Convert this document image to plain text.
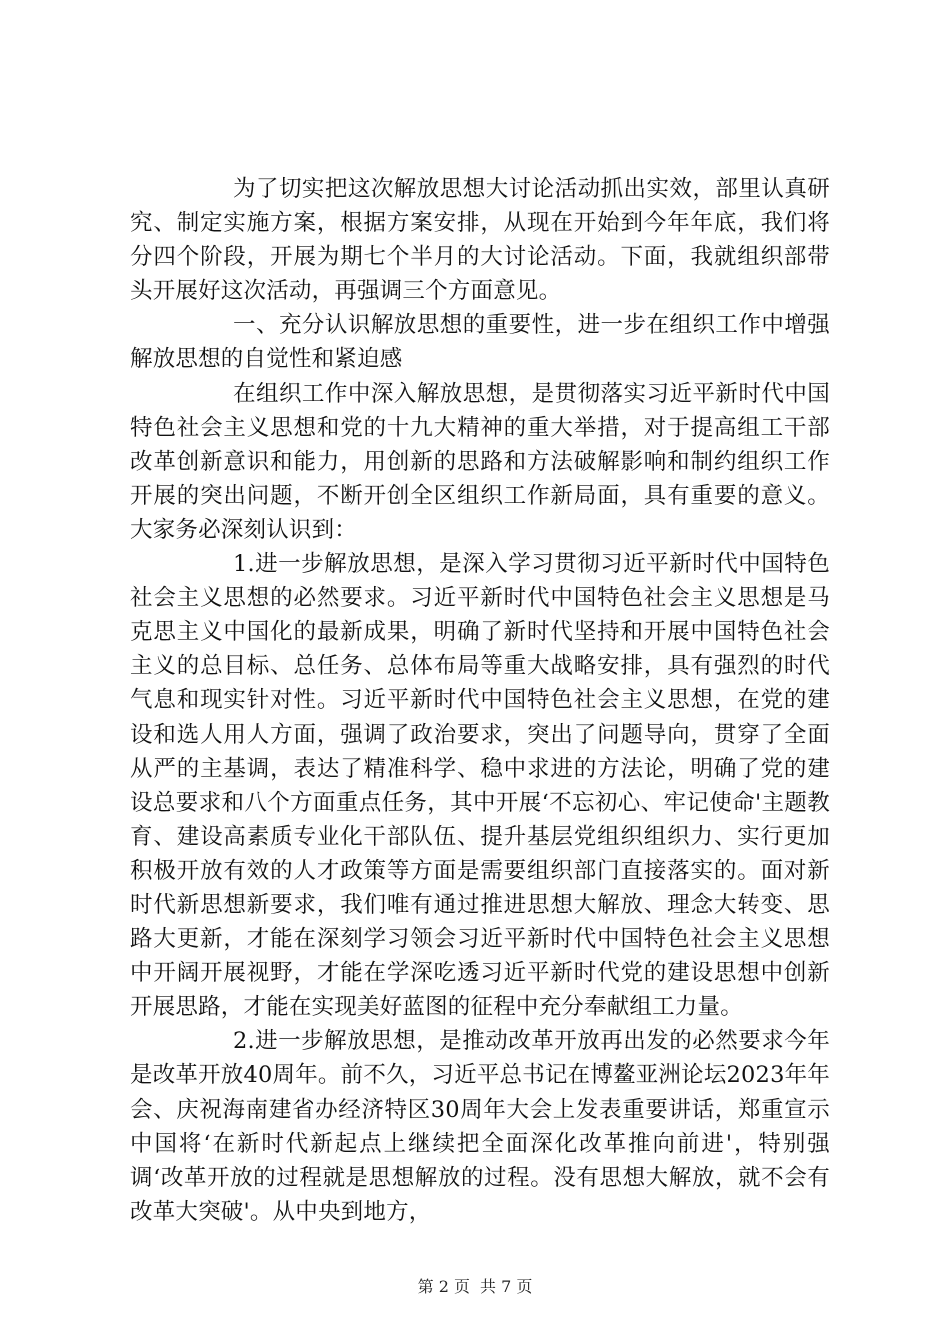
为了切实把这次解放思想大讨论活动抓出实效，部里认真研究、制定实施方案，根据方案安排，从现在开始到今年年底，我们将分四个阶段，开展为期七个半月的大讨论活动。下面，我就组织部带头开展好这次活动，再强调三个方面意见。

一、充分认识解放思想的重要性，进一步在组织工作中增强解放思想的自觉性和紧迫感

在组织工作中深入解放思想，是贯彻落实习近平新时代中国特色社会主义思想和党的十九大精神的重大举措，对于提高组工干部改革创新意识和能力，用创新的思路和方法破解影响和制约组织工作开展的突出问题，不断开创全区组织工作新局面，具有重要的意义。大家务必深刻认识到：

1.进一步解放思想，是深入学习贯彻习近平新时代中国特色社会主义思想的必然要求。习近平新时代中国特色社会主义思想是马克思主义中国化的最新成果，明确了新时代坚持和开展中国特色社会主义的总目标、总任务、总体布局等重大战略安排，具有强烈的时代气息和现实针对性。习近平新时代中国特色社会主义思想，在党的建设和选人用人方面，强调了政治要求，突出了问题导向，贯穿了全面从严的主基调，表达了精准科学、稳中求进的方法论，明确了党的建设总要求和八个方面重点任务，其中开展‘不忘初心、牢记使命'主题教育、建设高素质专业化干部队伍、提升基层党组织组织力、实行更加积极开放有效的人才政策等方面是需要组织部门直接落实的。面对新时代新思想新要求，我们唯有通过推进思想大解放、理念大转变、思路大更新，才能在深刻学习领会习近平新时代中国特色社会主义思想中开阔开展视野，才能在学深吃透习近平新时代党的建设思想中创新开展思路，才能在实现美好蓝图的征程中充分奉献组工力量。

2.进一步解放思想，是推动改革开放再出发的必然要求今年是改革开放40周年。前不久，习近平总书记在博鳌亚洲论坛2023年年会、庆祝海南建省办经济特区30周年大会上发表重要讲话，郑重宣示中国将‘在新时代新起点上继续把全面深化改革推向前进'，特别强调‘改革开放的过程就是思想解放的过程。没有思想大解放，就不会有改革大突破'。从中央到地方，

第 2 页 共 7 页
